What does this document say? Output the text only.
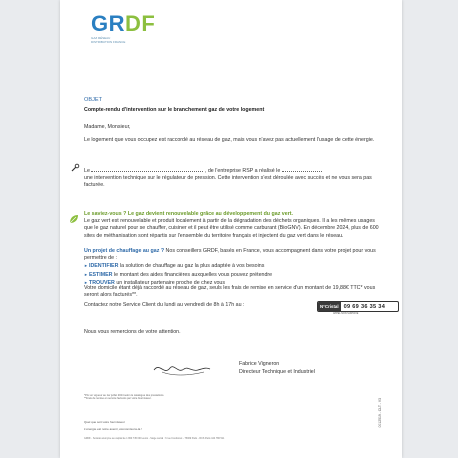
GRDF
GAZ RÉSEAU DISTRIBUTION FRANCE
OBJET
Compte-rendu d'intervention sur le branchement gaz de votre logement
Madame, Monsieur,
Le logement que vous occupez est raccordé au réseau de gaz, mais vous n'avez pas actuellement l'usage de cette énergie.
Le	, de l'entreprise RSP a réalisé le
une intervention technique sur le régulateur de pression. Cette intervention s'est déroulée avec succès et ne vous sera pas facturée.
Le saviez-vous ? Le gaz devient renouvelable grâce au développement du gaz vert.
Le gaz vert est renouvelable et produit localement à partir de la dégradation des déchets organiques. Il a les mêmes usages que le gaz naturel pour se chauffer, cuisiner et il peut être utilisé comme carburant (BioGNV). En décembre 2024, plus de 600 sites de méthanisation sont répartis sur l'ensemble du territoire français et injectent du gaz vert dans le réseau.
Un projet de chauffage au gaz ? Nos conseillers GRDF, basés en France, vous accompagnent dans votre projet pour vous permettre de :
►IDENTIFIER la solution de chauffage au gaz la plus adaptée à vos besoins
►ESTIMER le montant des aides financières auxquelles vous pouvez prétendre
►TROUVER un installateur partenaire proche de chez vous
Votre domicile étant déjà raccordé au réseau de gaz, seuls les frais de remise en service d'un montant de 19,88€ TTC* vous seront alors facturés**.
Contactez notre Service Client du lundi au vendredi de 8h à 17h au :	N°Cristal 09 69 36 35 34
APPEL NON SURTAXÉ
Nous vous remercions de votre attention.
Fabrice Vigneron
Directeur Technique et Industriel
*Prix en vigueur au 1er juillet 2024 selon le catalogue des prestations.
**Frais de remise en service facturés par votre fournisseur.	0012519 - CLT - V3
Quel que soit votre fournisseur
L'énergie est notre avenir, économisons-la !
GRDF - Société anonyme au capital de 1 800 745 000 euros - Siège social : 6 rue Condorcet - 75009 Paris - RCS Paris 444 786 511
